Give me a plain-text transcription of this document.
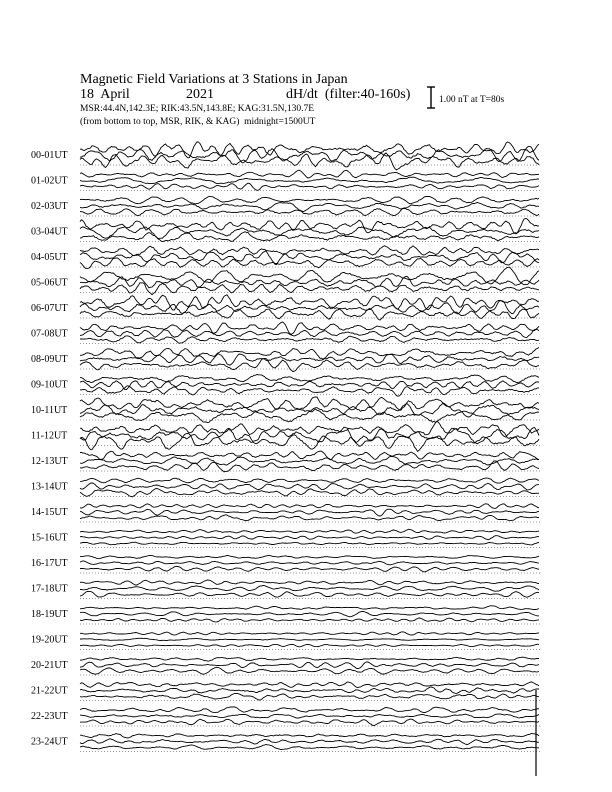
Magnetic Field Variations at 3 Stations in Japan
18  April	2021	dH/dt  (filter:40-160s)
MSR:44.4N,142.3E; RIK:43.5N,143.8E; KAG:31.5N,130.7E
(from bottom to top, MSR, RIK, & KAG)  midnight=1500UT
1.00 nT at T=80s
00-01UT
01-02UT
02-03UT
03-04UT
04-05UT
05-06UT
06-07UT
07-08UT
08-09UT
09-10UT
10-11UT
11-12UT
12-13UT
13-14UT
14-15UT
15-16UT
16-17UT
17-18UT
18-19UT
19-20UT
20-21UT
21-22UT
22-23UT
23-24UT
